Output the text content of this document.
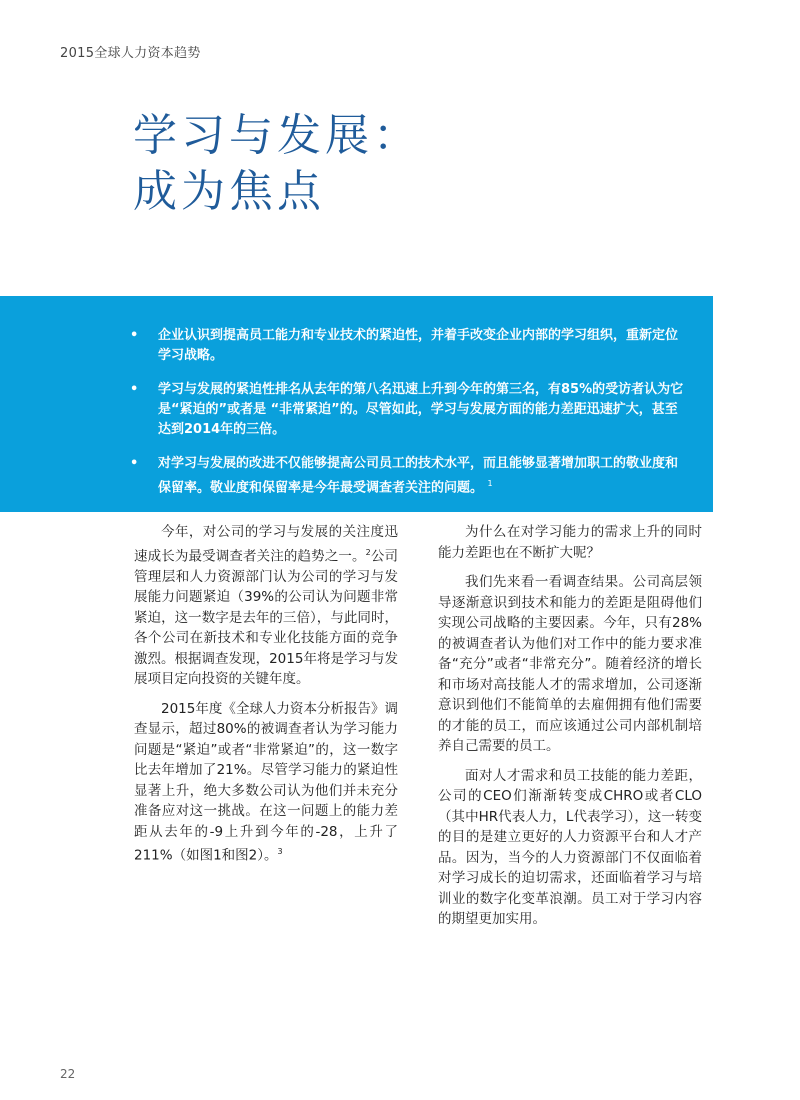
2015全球人力资本趋势
学习与发展：
成为焦点
• 企业认识到提高员工能力和专业技术的紧迫性，并着手改变企业内部的学习组织，重新定位学习战略。
• 学习与发展的紧迫性排名从去年的第八名迅速上升到今年的第三名，有85%的受访者认为它是“紧迫的”或者是 “非常紧迫”的。尽管如此，学习与发展方面的能力差距迅速扩大，甚至达到2014年的三倍。
• 对学习与发展的改进不仅能够提高公司员工的技术水平，而且能够显著增加职工的敬业度和保留率。敬业度和保留率是今年最受调查者关注的问题。 $^1$

今年，对公司的学习与发展的关注度迅速成长为最受调查者关注的趋势之一。$^2$公司管理层和人力资源部门认为公司的学习与发展能力问题紧迫（39%的公司认为问题非常紧迫，这一数字是去年的三倍），与此同时，各个公司在新技术和专业化技能方面的竞争激烈。根据调查发现，2015年将是学习与发展项目定向投资的关键年度。

2015年度《全球人力资本分析报告》调查显示，超过80%的被调查者认为学习能力问题是“紧迫”或者“非常紧迫”的，这一数字比去年增加了21%。尽管学习能力的紧迫性显著上升，绝大多数公司认为他们并未充分准备应对这一挑战。在这一问题上的能力差距从去年的-9上升到今年的-28，上升了211%（如图1和图2）。$^3$

为什么在对学习能力的需求上升的同时能力差距也在不断扩大呢？

我们先来看一看调查结果。公司高层领导逐渐意识到技术和能力的差距是阻碍他们实现公司战略的主要因素。今年，只有28%的被调查者认为他们对工作中的能力要求准备“充分”或者“非常充分”。随着经济的增长和市场对高技能人才的需求增加，公司逐渐意识到他们不能简单的去雇佣拥有他们需要的才能的员工，而应该通过公司内部机制培养自己需要的员工。

面对人才需求和员工技能的能力差距，公司的CEO们渐渐转变成CHRO或者CLO（其中HR代表人力，L代表学习），这一转变的目的是建立更好的人力资源平台和人才产品。因为，当今的人力资源部门不仅面临着对学习成长的迫切需求，还面临着学习与培训业的数字化变革浪潮。员工对于学习内容的期望更加实用。

22
